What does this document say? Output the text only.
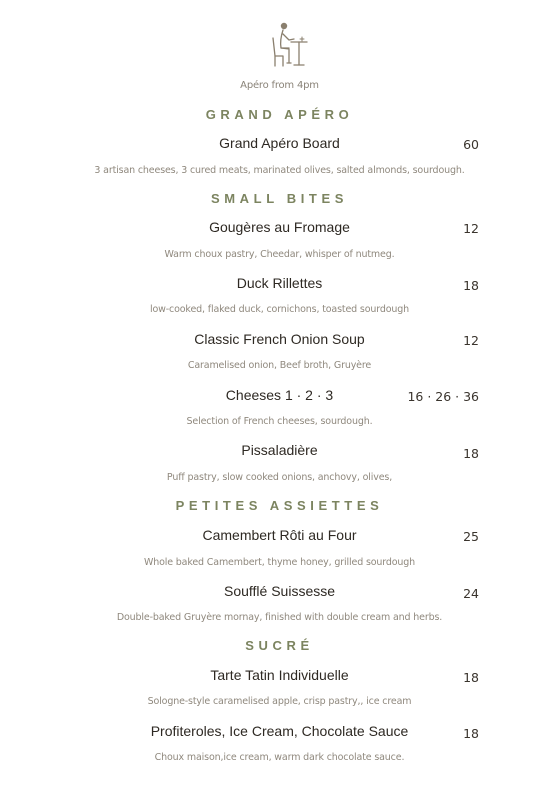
Apéro from 4pm
GRAND APÉRO
Grand Apéro Board	60
3 artisan cheeses, 3 cured meats, marinated olives, salted almonds, sourdough.
SMALL BITES
Gougères au Fromage	12
Warm choux pastry, Cheedar, whisper of nutmeg.
Duck Rillettes	18
low-cooked, flaked duck, cornichons, toasted sourdough
Classic French Onion Soup	12
Caramelised onion, Beef broth, Gruyère
Cheeses 1 · 2 · 3	16 · 26 · 36
Selection of French cheeses, sourdough.
Pissaladière	18
Puff pastry, slow cooked onions, anchovy, olives,
PETITES ASSIETTES
Camembert Rôti au Four	25
Whole baked Camembert, thyme honey, grilled sourdough
Soufflé Suissesse	24
Double-baked Gruyère mornay, finished with double cream and herbs.
SUCRÉ
Tarte Tatin Individuelle	18
Sologne-style caramelised apple, crisp pastry,, ice cream
Profiteroles, Ice Cream, Chocolate Sauce	18
Choux maison,ice cream, warm dark chocolate sauce.
